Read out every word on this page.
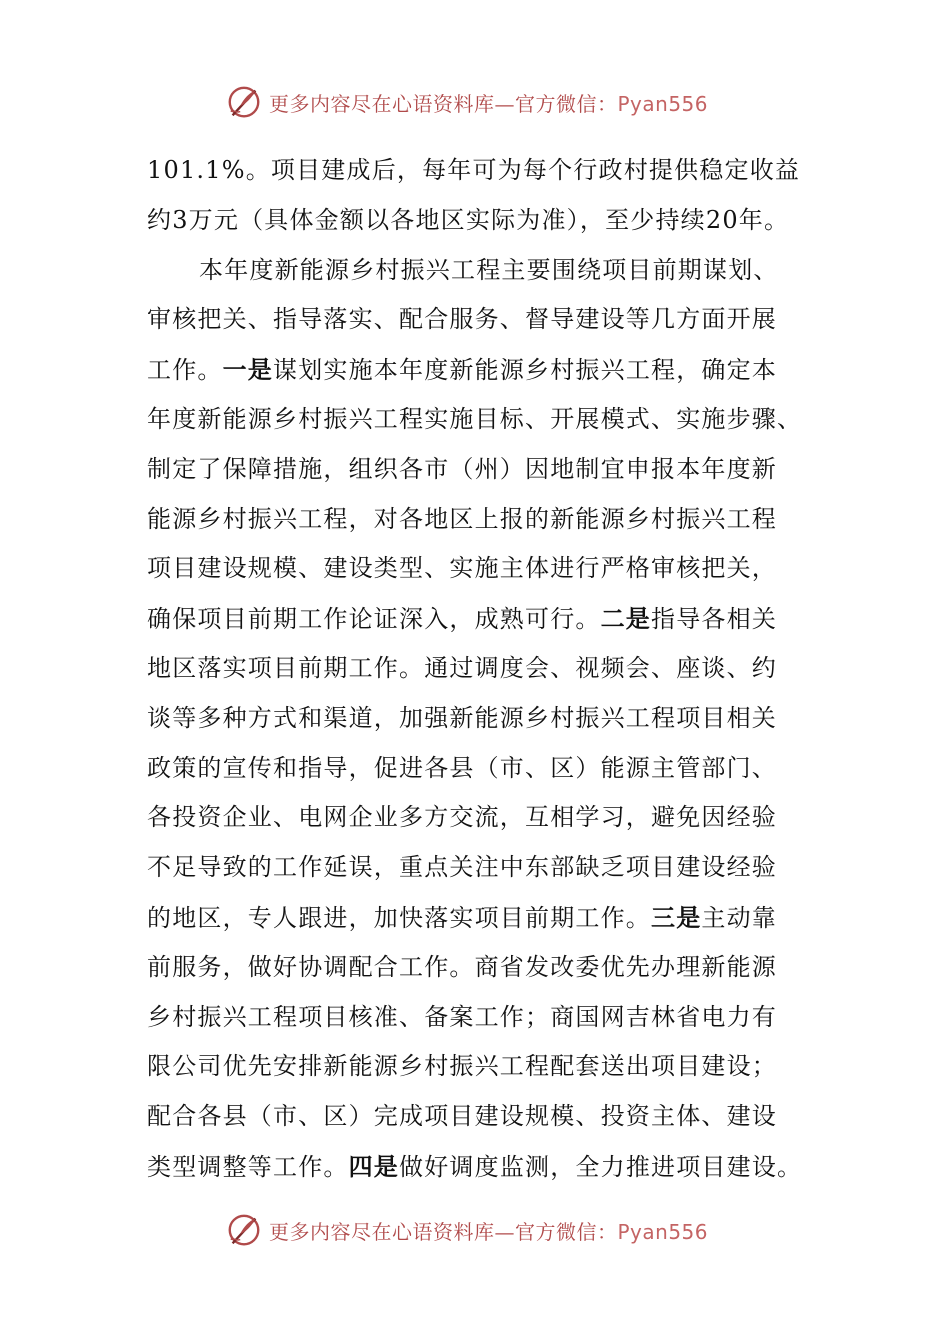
更多内容尽在心语资料库—官方微信：Pyan556
101.1%。项目建成后，每年可为每个行政村提供稳定收益
约3万元（具体金额以各地区实际为准），至少持续20年。
本年度新能源乡村振兴工程主要围绕项目前期谋划、
审核把关、指导落实、配合服务、督导建设等几方面开展
工作。一是谋划实施本年度新能源乡村振兴工程，确定本
年度新能源乡村振兴工程实施目标、开展模式、实施步骤、
制定了保障措施，组织各市（州）因地制宜申报本年度新
能源乡村振兴工程，对各地区上报的新能源乡村振兴工程
项目建设规模、建设类型、实施主体进行严格审核把关，
确保项目前期工作论证深入，成熟可行。二是指导各相关
地区落实项目前期工作。通过调度会、视频会、座谈、约
谈等多种方式和渠道，加强新能源乡村振兴工程项目相关
政策的宣传和指导，促进各县（市、区）能源主管部门、
各投资企业、电网企业多方交流，互相学习，避免因经验
不足导致的工作延误，重点关注中东部缺乏项目建设经验
的地区，专人跟进，加快落实项目前期工作。三是主动靠
前服务，做好协调配合工作。商省发改委优先办理新能源
乡村振兴工程项目核准、备案工作；商国网吉林省电力有
限公司优先安排新能源乡村振兴工程配套送出项目建设；
配合各县（市、区）完成项目建设规模、投资主体、建设
类型调整等工作。四是做好调度监测，全力推进项目建设。
更多内容尽在心语资料库—官方微信：Pyan556
